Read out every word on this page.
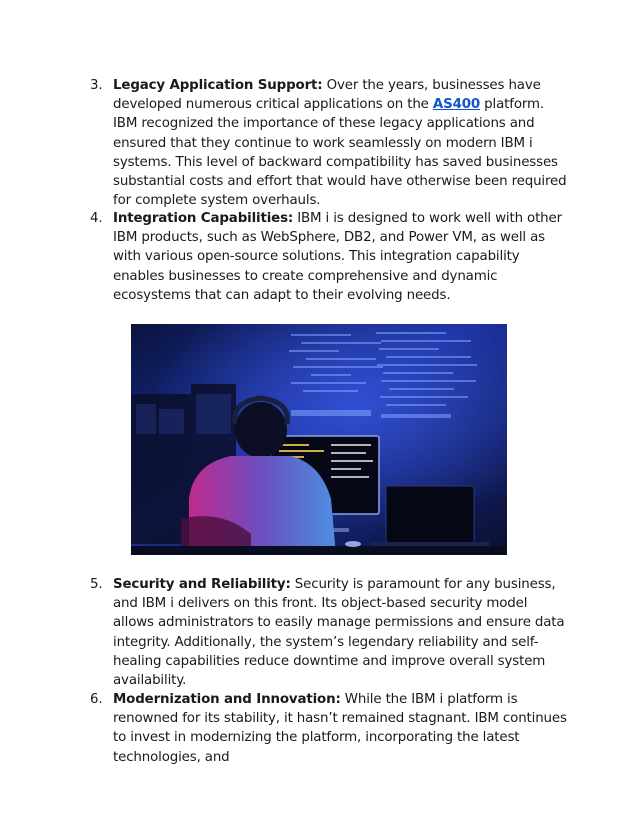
3. Legacy Application Support: Over the years, businesses have developed numerous critical applications on the AS400 platform. IBM recognized the importance of these legacy applications and ensured that they continue to work seamlessly on modern IBM i systems. This level of backward compatibility has saved businesses substantial costs and effort that would have otherwise been required for complete system overhauls.
4. Integration Capabilities: IBM i is designed to work well with other IBM products, such as WebSphere, DB2, and Power VM, as well as with various open-source solutions. This integration capability enables businesses to create comprehensive and dynamic ecosystems that can adapt to their evolving needs.
5. Security and Reliability: Security is paramount for any business, and IBM i delivers on this front. Its object-based security model allows administrators to easily manage permissions and ensure data integrity. Additionally, the system’s legendary reliability and self-healing capabilities reduce downtime and improve overall system availability.
6. Modernization and Innovation: While the IBM i platform is renowned for its stability, it hasn’t remained stagnant. IBM continues to invest in modernizing the platform, incorporating the latest technologies, and
